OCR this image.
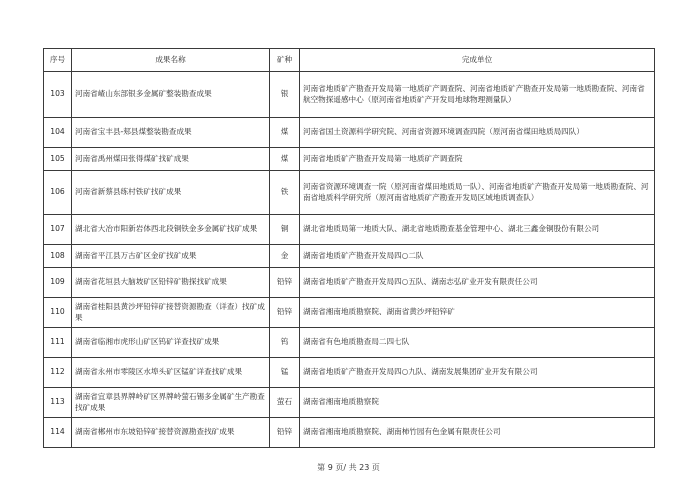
序号	成果名称	矿种	完成单位
103	河南省嵖山东部银多金属矿整装勘查成果	银	河南省地质矿产勘查开发局第一地质矿产调查院、河南省地质矿产勘查开发局第一地质勘查院、河南省航空物探遥感中心（原河南省地质矿产开发局地球物理测量队）
104	河南省宝丰县-郏县煤整装勘查成果	煤	河南省国土资源科学研究院、河南省资源环境调查四院（原河南省煤田地质局四队）
105	河南省禹州煤田张得煤矿找矿成果	煤	河南省地质矿产勘查开发局第一地质矿产调查院
106	河南省新蔡县练村铁矿找矿成果	铁	河南省资源环境调查一院（原河南省煤田地质局一队）、河南省地质矿产勘查开发局第一地质勘查院、河南省地质科学研究所（原河南省地质矿产勘查开发局区域地质调查队）
107	湖北省大冶市阳新岩体西北段铜铁金多金属矿找矿成果	铜	湖北省地质局第一地质大队、湖北省地质勘查基金管理中心、湖北三鑫金铜股份有限公司
108	湖南省平江县万古矿区金矿找矿成果	金	湖南省地质矿产勘查开发局四○二队
109	湖南省花垣县大脑坡矿区铅锌矿勘探找矿成果	铅锌	湖南省地质矿产勘查开发局四○五队、湖南志弘矿业开发有限责任公司
110	湖南省桂阳县黄沙坪铅锌矿接替资源勘查（详查）找矿成果	铅锌	湖南省湘南地质勘察院、湖南省黄沙坪铅锌矿
111	湖南省临湘市虎形山矿区钨矿详查找矿成果	钨	湖南省有色地质勘查局二四七队
112	湖南省永州市零陵区水埠头矿区锰矿详查找矿成果	锰	湖南省地质矿产勘查开发局四○九队、湖南发展集团矿业开发有限公司
113	湖南省宜章县界牌岭矿区界牌岭萤石锡多金属矿生产勘查找矿成果	萤石	湖南省湘南地质勘察院
114	湖南省郴州市东坡铅锌矿接替资源勘查找矿成果	铅锌	湖南省湘南地质勘察院、湖南柿竹园有色金属有限责任公司
第 9 页/ 共 23 页
